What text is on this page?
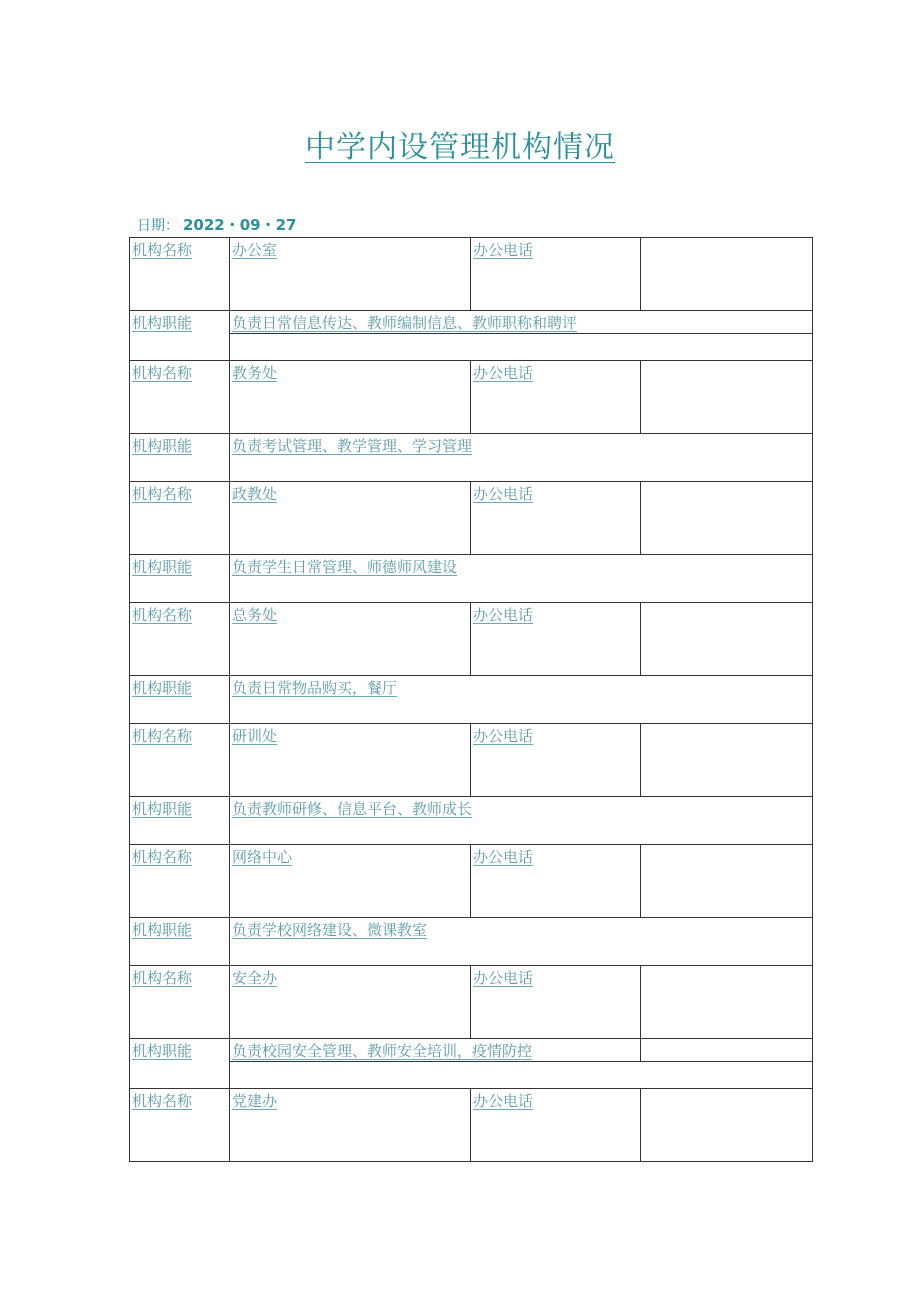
中学内设管理机构情况
日期： 2022・09・27
机构名称	办公室	办公电话	
机构职能	负责日常信息传达、教师编制信息、教师职称和聘评		

机构名称	教务处	办公电话	
机构职能	负责考试管理、教学管理、学习管理		
机构名称	政教处	办公电话	
机构职能	负责学生日常管理、师德师风建设		
机构名称	总务处	办公电话	
机构职能	负责日常物品购买，餐厅		
机构名称	研训处	办公电话	
机构职能	负责教师研修、信息平台、教师成长		
机构名称	网络中心	办公电话	
机构职能	负责学校网络建设、微课教室		
机构名称	安全办	办公电话	
机构职能	负责校园安全管理、教师安全培训，疫情防控		

机构名称	党建办	办公电话	
